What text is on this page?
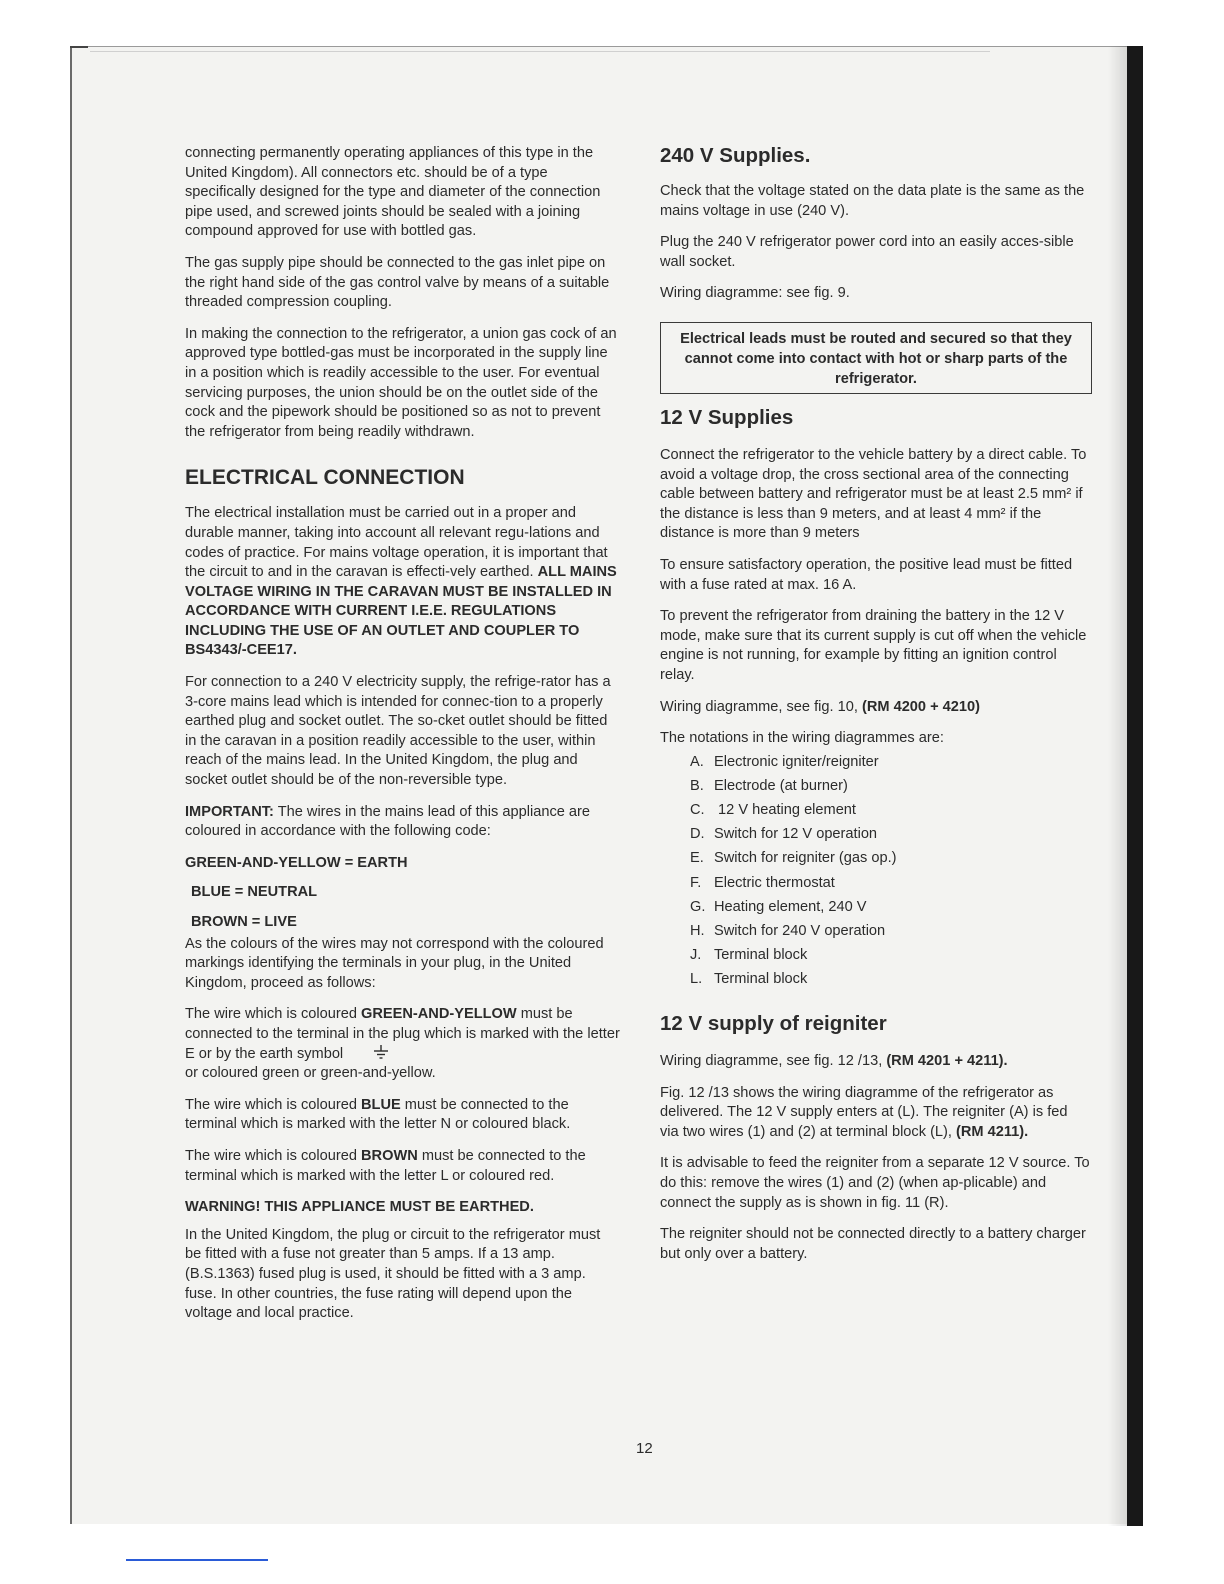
connecting permanently operating appliances of this type in the United Kingdom). All connectors etc. should be of a type specifically designed for the type and diameter of the connection pipe used, and screwed joints should be sealed with a joining compound approved for use with bottled gas.

The gas supply pipe should be connected to the gas inlet pipe on the right hand side of the gas control valve by means of a suitable threaded compression coupling.

In making the connection to the refrigerator, a union gas cock of an approved type bottled-gas must be incorporated in the supply line in a position which is readily accessible to the user. For eventual servicing purposes, the union should be on the outlet side of the cock and the pipework should be positioned so as not to prevent the refrigerator from being readily withdrawn.

ELECTRICAL CONNECTION

The electrical installation must be carried out in a proper and durable manner, taking into account all relevant regu-lations and codes of practice. For mains voltage operation, it is important that the circuit to and in the caravan is effecti-vely earthed. ALL MAINS VOLTAGE WIRING IN THE CARAVAN MUST BE INSTALLED IN ACCORDANCE WITH CURRENT I.E.E. REGULATIONS INCLUDING THE USE OF AN OUTLET AND COUPLER TO BS4343/-CEE17.

For connection to a 240 V electricity supply, the refrige-rator has a 3-core mains lead which is intended for connec-tion to a properly earthed plug and socket outlet. The so-cket outlet should be fitted in the caravan in a position readily accessible to the user, within reach of the mains lead. In the United Kingdom, the plug and socket outlet should be of the non-reversible type.

IMPORTANT: The wires in the mains lead of this appliance are coloured in accordance with the following code:

GREEN-AND-YELLOW = EARTH
BLUE = NEUTRAL
BROWN = LIVE

As the colours of the wires may not correspond with the coloured markings identifying the terminals in your plug, in the United Kingdom, proceed as follows:

The wire which is coloured GREEN-AND-YELLOW must be connected to the terminal in the plug which is marked with the letter E or by the earth symbol
or coloured green or green-and-yellow.

The wire which is coloured BLUE must be connected to the terminal which is marked with the letter N or coloured black.

The wire which is coloured BROWN must be connected to the terminal which is marked with the letter L or coloured red.

WARNING! THIS APPLIANCE MUST BE EARTHED.

In the United Kingdom, the plug or circuit to the refrigerator must be fitted with a fuse not greater than 5 amps. If a 13 amp.(B.S.1363) fused plug is used, it should be fitted with a 3 amp. fuse. In other countries, the fuse rating will depend upon the voltage and local practice.

240 V Supplies.

Check that the voltage stated on the data plate is the same as the mains voltage in use (240 V).

Plug the 240 V refrigerator power cord into an easily acces-sible wall socket.

Wiring diagramme: see fig. 9.

Electrical leads must be routed and secured so that they cannot come into contact with hot or sharp parts of the refrigerator.
12 V Supplies

Connect the refrigerator to the vehicle battery by a direct cable. To avoid a voltage drop, the cross sectional area of the connecting cable between battery and refrigerator must be at least 2.5 mm² if the distance is less than 9 meters, and at least 4 mm² if the distance is more than 9 meters

To ensure satisfactory operation, the positive lead must be fitted with a fuse rated at max. 16 A.

To prevent the refrigerator from draining the battery in the 12 V mode, make sure that its current supply is cut off when the vehicle engine is not running, for example by fitting an ignition control relay.

Wiring diagramme, see fig. 10, (RM 4200 + 4210)

The notations in the wiring diagrammes are:

A. Electronic igniter/reigniter
B. Electrode (at burner)
C. 12 V heating element
D. Switch for 12 V operation
E. Switch for reigniter (gas op.)
F. Electric thermostat
G. Heating element, 240 V
H. Switch for 240 V operation
J. Terminal block
L. Terminal block
12 V supply of reigniter

Wiring diagramme, see fig. 12 /13, (RM 4201 + 4211).

Fig. 12 /13 shows the wiring diagramme of the refrigerator as delivered. The 12 V supply enters at (L). The reigniter (A) is fed via two wires (1) and (2) at terminal block (L), (RM 4211).

It is advisable to feed the reigniter from a separate 12 V source. To do this: remove the wires (1) and (2) (when ap-plicable) and connect the supply as is shown in fig. 11 (R).

The reigniter should not be connected directly to a battery charger but only over a battery.

12
